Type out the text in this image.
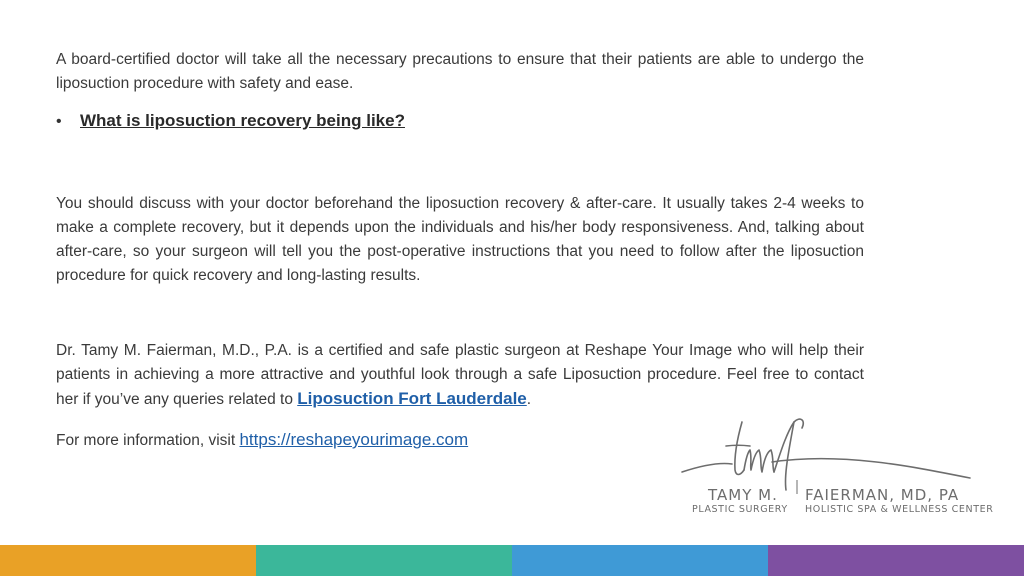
A board-certified doctor will take all the necessary precautions to ensure that their patients are able to undergo the liposuction procedure with safety and ease.

•	What is liposuction recovery being like?

You should discuss with your doctor beforehand the liposuction recovery & after-care. It usually takes 2-4 weeks to make a complete recovery, but it depends upon the individuals and his/her body responsiveness. And, talking about after-care, so your surgeon will tell you the post-operative instructions that you need to follow after the liposuction procedure for quick recovery and long-lasting results.

Dr. Tamy M. Faierman, M.D., P.A. is a certified and safe plastic surgeon at Reshape Your Image who will help their patients in achieving a more attractive and youthful look through a safe Liposuction procedure. Feel free to contact her if you’ve any queries related to Liposuction Fort Lauderdale.

For more information, visit https://reshapeyourimage.com

TAMY M. FAIERMAN, MD, PA
PLASTIC SURGERY HOLISTIC SPA & WELLNESS CENTER
